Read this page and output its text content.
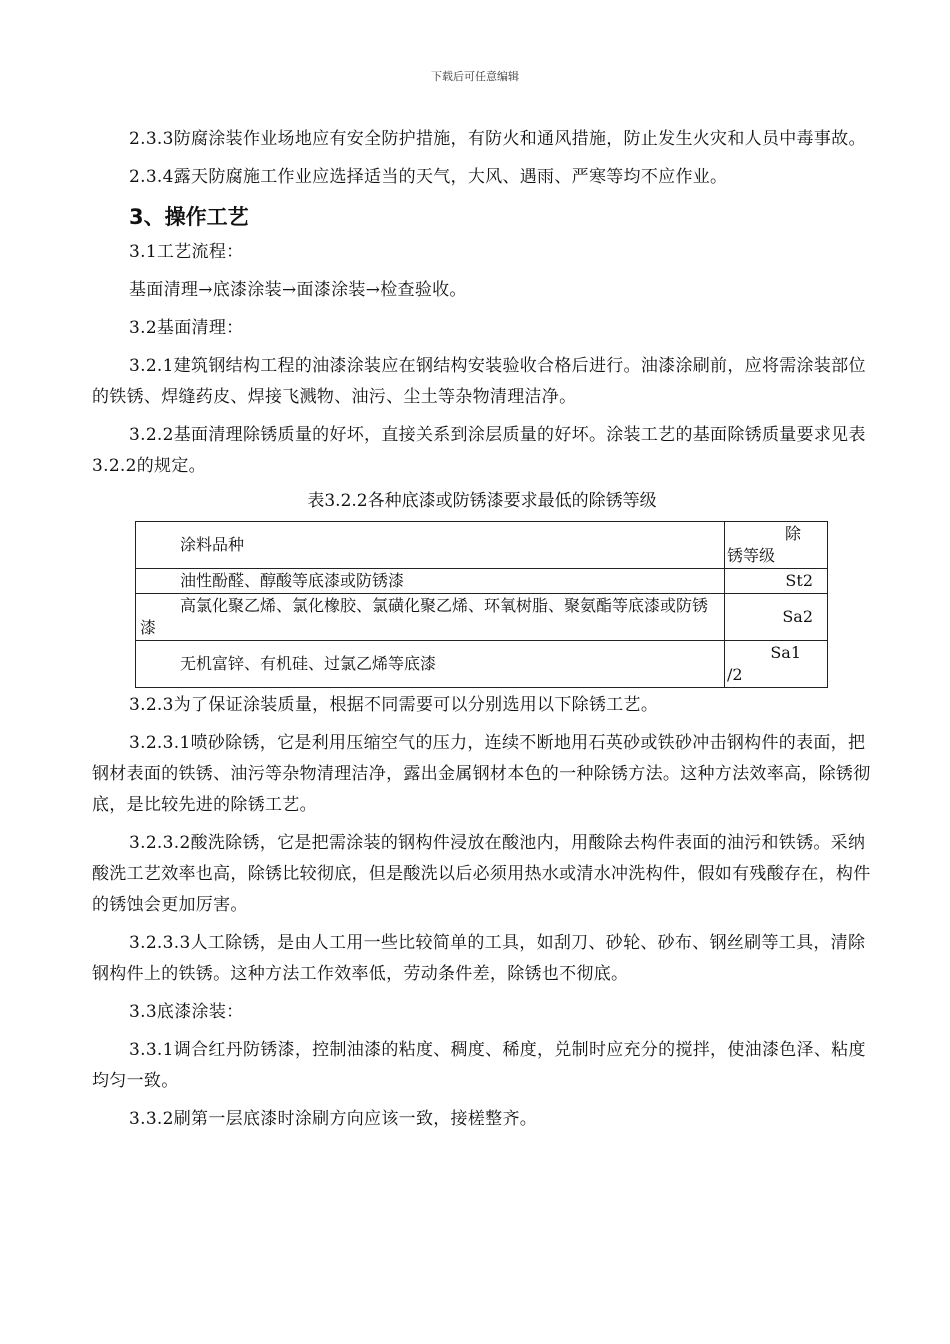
下载后可任意编辑

2.3.3防腐涂装作业场地应有安全防护措施，有防火和通风措施，防止发生火灾和人员中毒事故。

2.3.4露天防腐施工作业应选择适当的天气，大风、遇雨、严寒等均不应作业。

3、操作工艺

3.1工艺流程：

基面清理→底漆涂装→面漆涂装→检查验收。

3.2基面清理：

3.2.1建筑钢结构工程的油漆涂装应在钢结构安装验收合格后进行。油漆涂刷前，应将需涂装部位的铁锈、焊缝药皮、焊接飞溅物、油污、尘土等杂物清理洁净。

3.2.2基面清理除锈质量的好坏，直接关系到涂层质量的好坏。涂装工艺的基面除锈质量要求见表3.2.2的规定。

表3.2.2各种底漆或防锈漆要求最低的除锈等级
涂料品种	除
锈等级

油性酚醛、醇酸等底漆或防锈漆	St2
高氯化聚乙烯、氯化橡胶、氯磺化聚乙烯、环氧树脂、聚氨酯等底漆或防锈漆	Sa2
无机富锌、有机硅、过氯乙烯等底漆	Sa1
/2

3.2.3为了保证涂装质量，根据不同需要可以分别选用以下除锈工艺。

3.2.3.1喷砂除锈，它是利用压缩空气的压力，连续不断地用石英砂或铁砂冲击钢构件的表面，把钢材表面的铁锈、油污等杂物清理洁净，露出金属钢材本色的一种除锈方法。这种方法效率高，除锈彻底，是比较先进的除锈工艺。

3.2.3.2酸洗除锈，它是把需涂装的钢构件浸放在酸池内，用酸除去构件表面的油污和铁锈。采纳酸洗工艺效率也高，除锈比较彻底，但是酸洗以后必须用热水或清水冲洗构件，假如有残酸存在，构件的锈蚀会更加厉害。

3.2.3.3人工除锈，是由人工用一些比较简单的工具，如刮刀、砂轮、砂布、钢丝刷等工具，清除钢构件上的铁锈。这种方法工作效率低，劳动条件差，除锈也不彻底。

3.3底漆涂装：

3.3.1调合红丹防锈漆，控制油漆的粘度、稠度、稀度，兑制时应充分的搅拌，使油漆色泽、粘度均匀一致。

3.3.2刷第一层底漆时涂刷方向应该一致，接槎整齐。
